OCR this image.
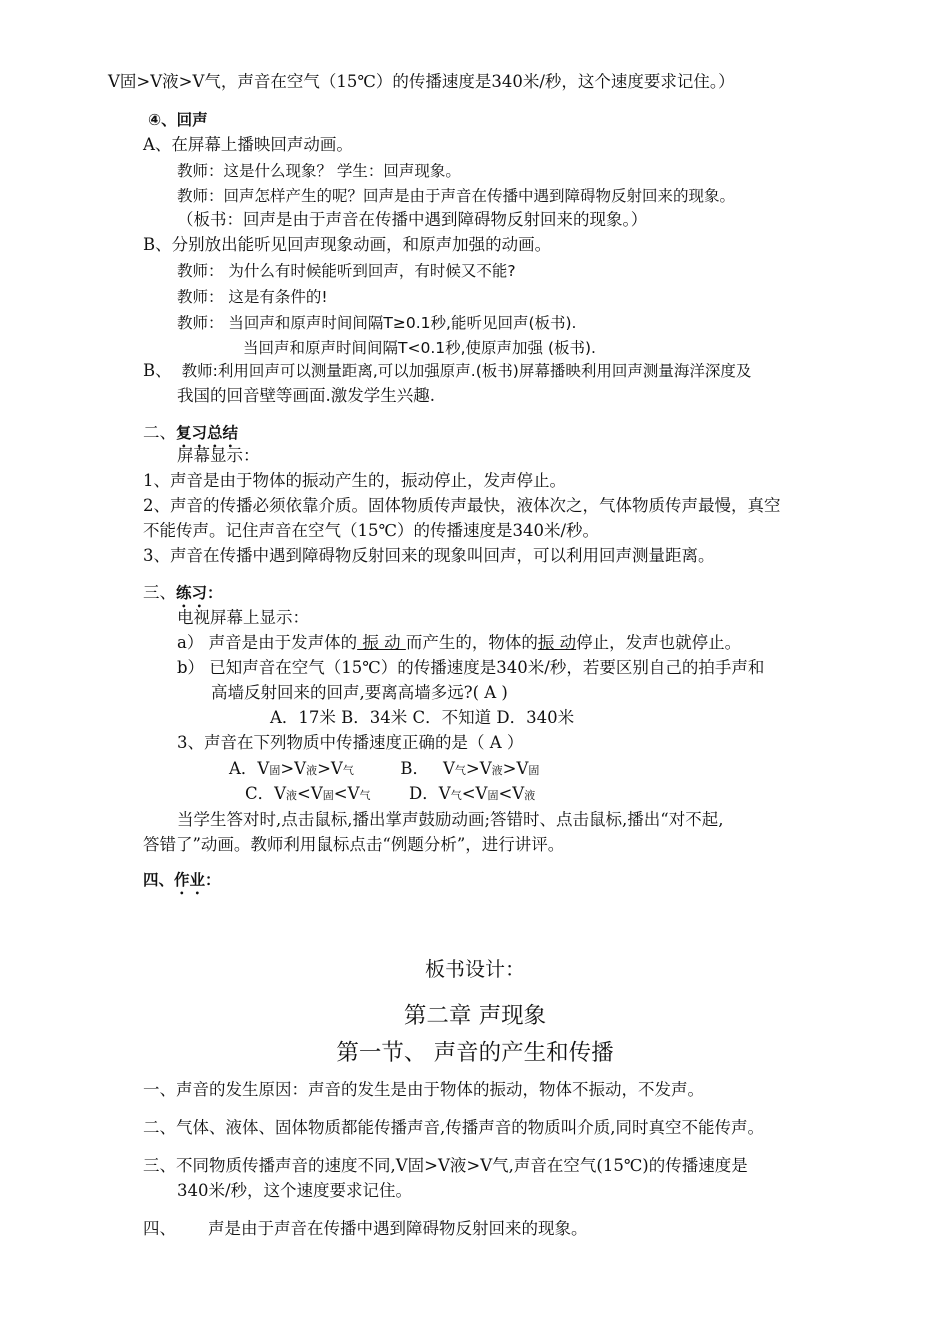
V固>V液>V气，声音在空气（15℃）的传播速度是340米/秒，这个速度要求记住。）
④、回声
A、在屏幕上播映回声动画。
教师：这是什么现象？ 学生：回声现象。
教师：回声怎样产生的呢？回声是由于声音在传播中遇到障碍物反射回来的现象。
（板书：回声是由于声音在传播中遇到障碍物反射回来的现象。）
B、分别放出能听见回声现象动画，和原声加强的动画。
教师： 为什么有时候能听到回声，有时候又不能?
教师： 这是有条件的!
教师： 当回声和原声时间间隔T≥0.1秒,能听见回声(板书).
当回声和原声时间间隔T<0.1秒,使原声加强 (板书).
B、 教师:利用回声可以测量距离,可以加强原声.(板书)屏幕播映利用回声测量海洋深度及
我国的回音壁等画面.激发学生兴趣.
二、复习总结
屏幕显示：
1、声音是由于物体的振动产生的，振动停止，发声停止。
2、声音的传播必须依靠介质。固体物质传声最快，液体次之，气体物质传声最慢，真空
不能传声。记住声音在空气（15℃）的传播速度是340米/秒。
3、声音在传播中遇到障碍物反射回来的现象叫回声，可以利用回声测量距离。
三、练习：
电视屏幕上显示：
a） 声音是由于发声体的 振 动 而产生的，物体的振 动停止，发声也就停止。
b） 已知声音在空气（15℃）的传播速度是340米/秒，若要区别自己的拍手声和
高墙反射回来的回声,要离高墙多远?( A )
A．17米 B．34米 C．不知道 D．340米
3、声音在下列物质中传播速度正确的是（ A ）
A．V固>V液>V气	B． V气>V液>V固
C．V液<V固<V气 D．V气<V固<V液
当学生答对时,点击鼠标,播出掌声鼓励动画;答错时、点击鼠标,播出“对不起,
答错了”动画。教师利用鼠标点击“例题分析”，进行讲评。
四、作业：
板书设计：
第二章 声现象
第一节、 声音的产生和传播
一、声音的发生原因：声音的发生是由于物体的振动，物体不振动，不发声。
二、气体、液体、固体物质都能传播声音,传播声音的物质叫介质,同时真空不能传声。
三、不同物质传播声音的速度不同,V固>V液>V气,声音在空气(15℃)的传播速度是
340米/秒，这个速度要求记住。
四、 声是由于声音在传播中遇到障碍物反射回来的现象。
